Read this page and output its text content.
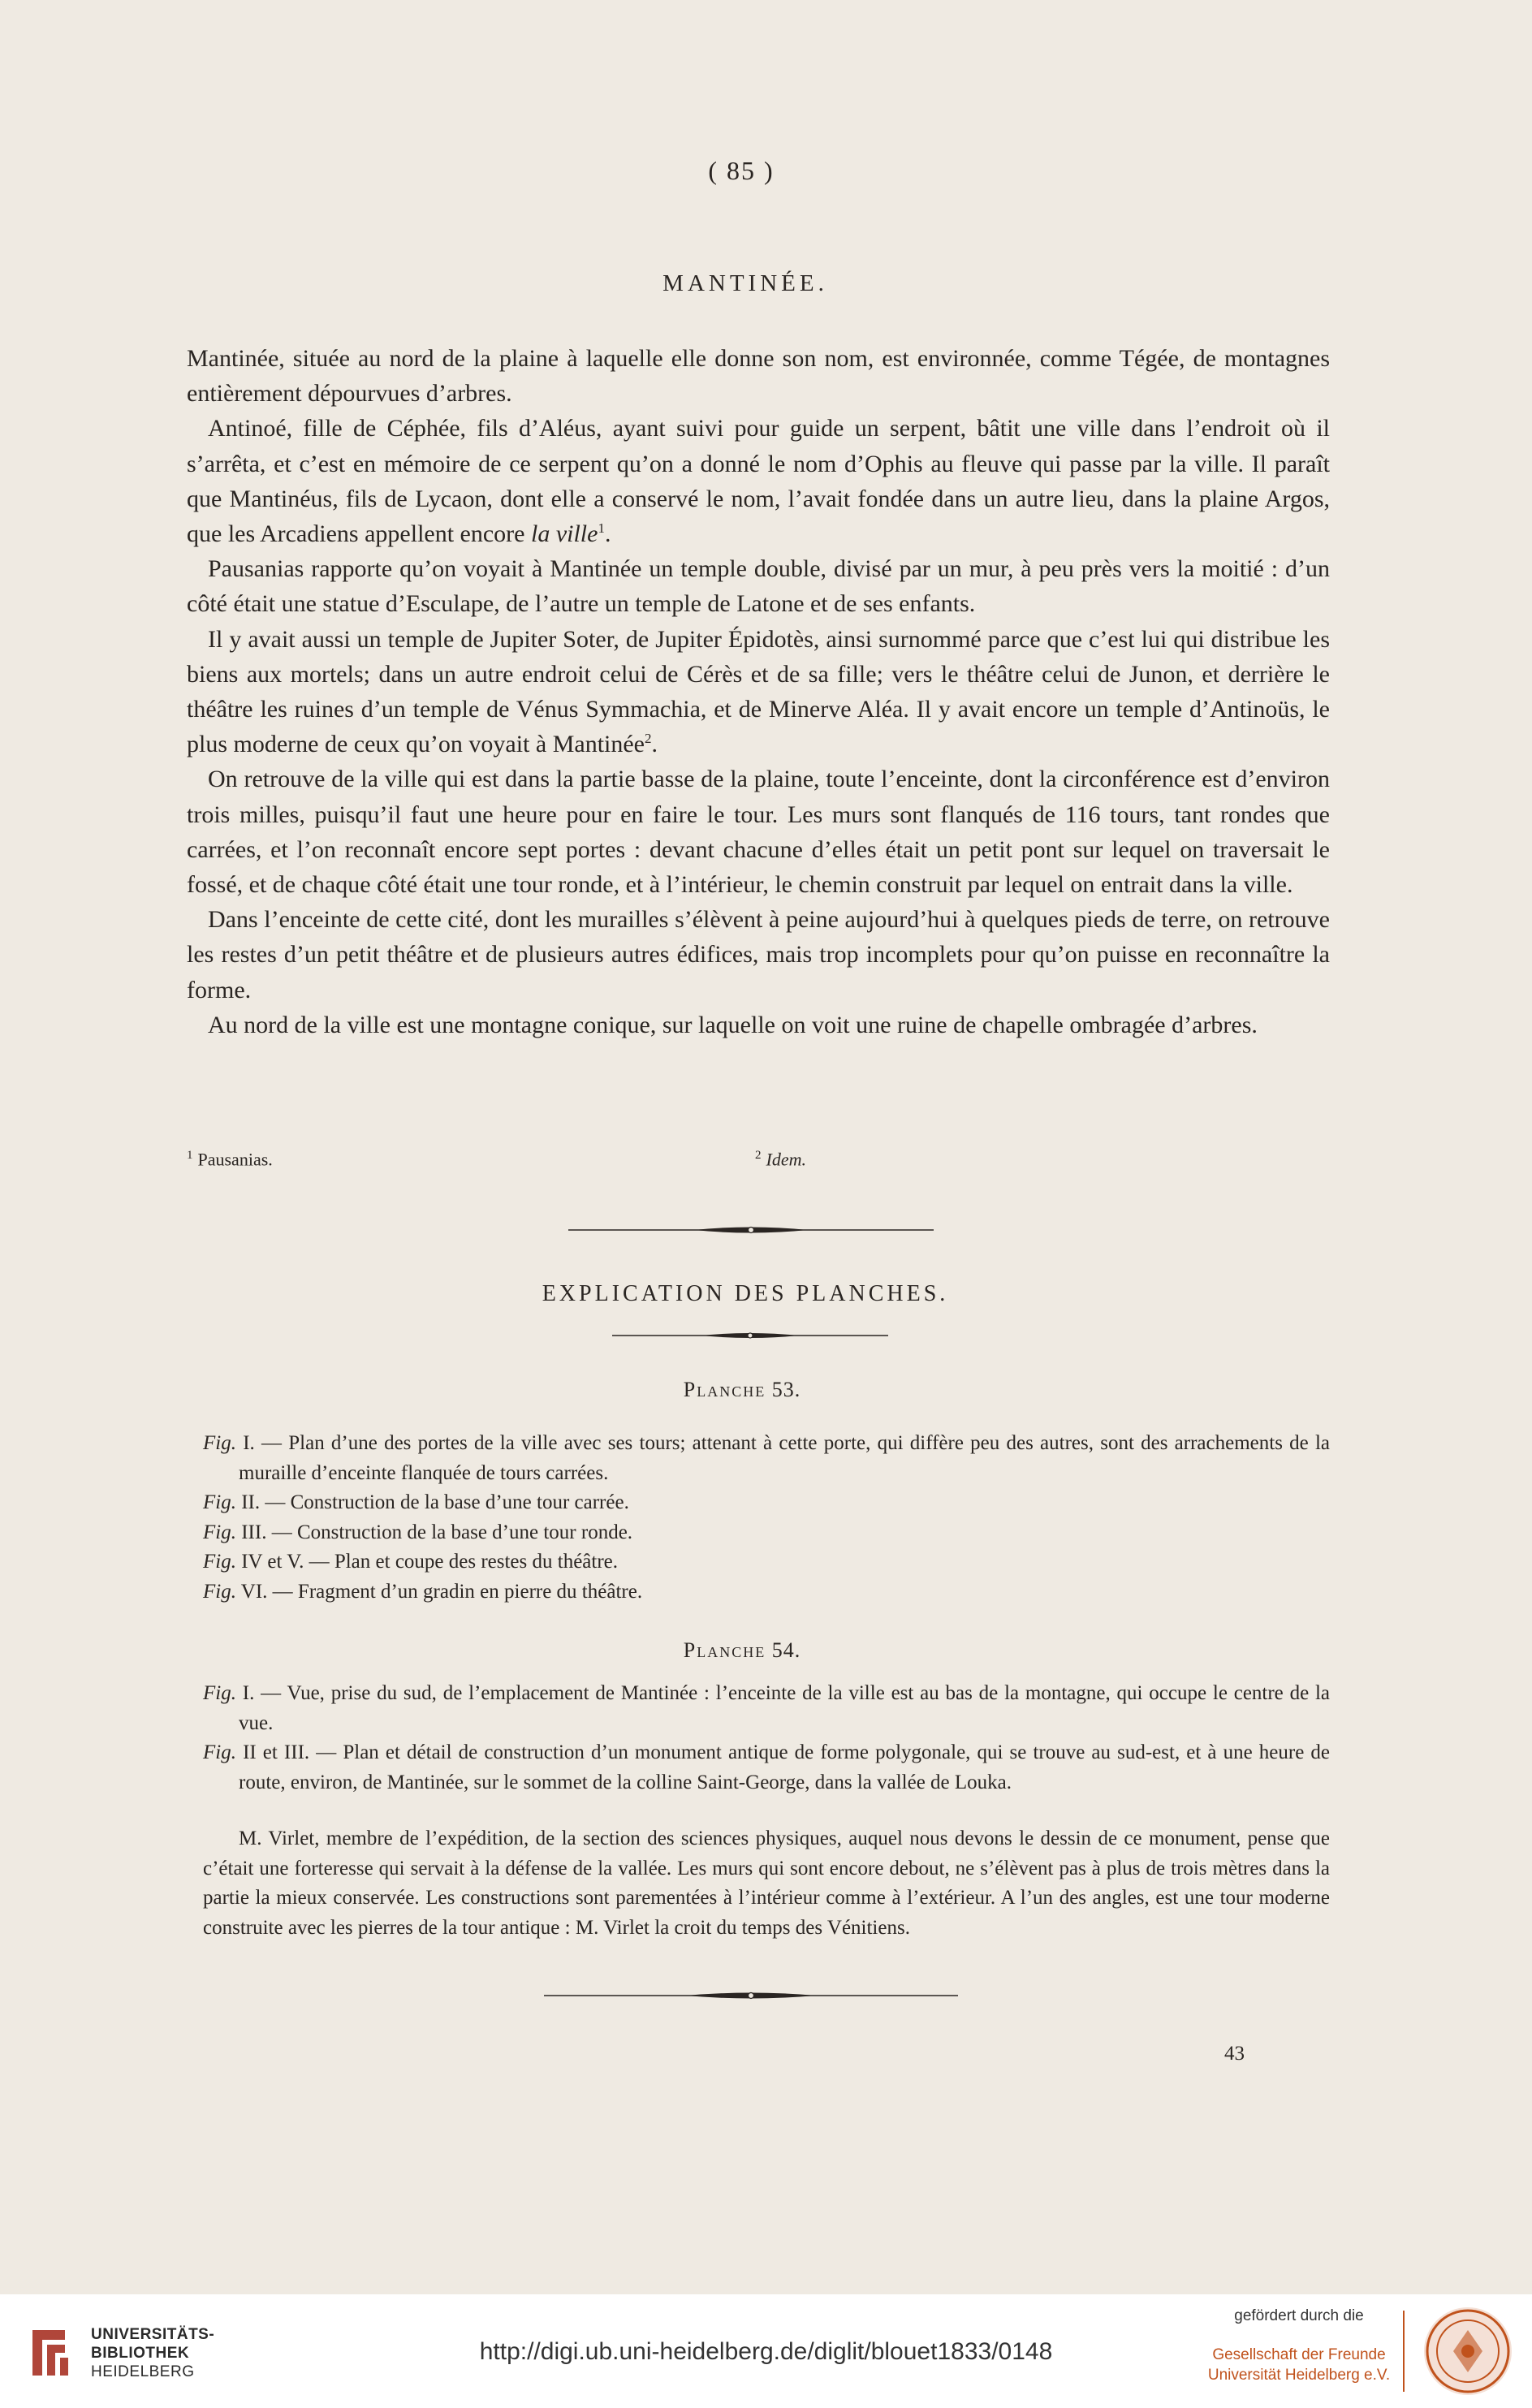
( 85 )
MANTINÉE.

Mantinée, située au nord de la plaine à laquelle elle donne son nom, est environnée, comme Tégée, de montagnes entièrement dépourvues d’arbres.

Antinoé, fille de Céphée, fils d’Aléus, ayant suivi pour guide un serpent, bâtit une ville dans l’endroit où il s’arrêta, et c’est en mémoire de ce serpent qu’on a donné le nom d’Ophis au fleuve qui passe par la ville. Il paraît que Mantinéus, fils de Lycaon, dont elle a conservé le nom, l’avait fondée dans un autre lieu, dans la plaine Argos, que les Arcadiens appellent encore la ville$^1$.

Pausanias rapporte qu’on voyait à Mantinée un temple double, divisé par un mur, à peu près vers la moitié : d’un côté était une statue d’Esculape, de l’autre un temple de Latone et de ses enfants.

Il y avait aussi un temple de Jupiter Soter, de Jupiter Épidotès, ainsi surnommé parce que c’est lui qui distribue les biens aux mortels; dans un autre endroit celui de Cérès et de sa fille; vers le théâtre celui de Junon, et derrière le théâtre les ruines d’un temple de Vénus Symmachia, et de Minerve Aléa. Il y avait encore un temple d’Antinoüs, le plus moderne de ceux qu’on voyait à Mantinée$^2$.

On retrouve de la ville qui est dans la partie basse de la plaine, toute l’enceinte, dont la circonférence est d’environ trois milles, puisqu’il faut une heure pour en faire le tour. Les murs sont flanqués de 116 tours, tant rondes que carrées, et l’on reconnaît encore sept portes : devant chacune d’elles était un petit pont sur lequel on traversait le fossé, et de chaque côté était une tour ronde, et à l’intérieur, le chemin construit par lequel on entrait dans la ville.

Dans l’enceinte de cette cité, dont les murailles s’élèvent à peine aujourd’hui à quelques pieds de terre, on retrouve les restes d’un petit théâtre et de plusieurs autres édifices, mais trop incomplets pour qu’on puisse en reconnaître la forme.

Au nord de la ville est une montagne conique, sur laquelle on voit une ruine de chapelle ombragée d’arbres.

$^1$ Pausanias.	$^2$ Idem.
EXPLICATION DES PLANCHES.
Planche 53.
Fig. I. — Plan d’une des portes de la ville avec ses tours; attenant à cette porte, qui diffère peu des autres, sont des arrachements de la muraille d’enceinte flanquée de tours carrées.
Fig. II. — Construction de la base d’une tour carrée.
Fig. III. — Construction de la base d’une tour ronde.
Fig. IV et V. — Plan et coupe des restes du théâtre.
Fig. VI. — Fragment d’un gradin en pierre du théâtre.
Planche 54.
Fig. I. — Vue, prise du sud, de l’emplacement de Mantinée : l’enceinte de la ville est au bas de la montagne, qui occupe le centre de la vue.
Fig. II et III. — Plan et détail de construction d’un monument antique de forme polygonale, qui se trouve au sud-est, et à une heure de route, environ, de Mantinée, sur le sommet de la colline Saint-George, dans la vallée de Louka.

M. Virlet, membre de l’expédition, de la section des sciences physiques, auquel nous devons le dessin de ce monument, pense que c’était une forteresse qui servait à la défense de la vallée. Les murs qui sont encore debout, ne s’élèvent pas à plus de trois mètres dans la partie la mieux conservée. Les constructions sont parementées à l’intérieur comme à l’extérieur. A l’un des angles, est une tour moderne construite avec les pierres de la tour antique : M. Virlet la croit du temps des Vénitiens.

43
UNIVERSITÄTS-
BIBLIOTHEK
HEIDELBERG
http://digi.ub.uni-heidelberg.de/diglit/blouet1833/0148
gefördert durch die
Gesellschaft der Freunde
Universität Heidelberg e.V.
